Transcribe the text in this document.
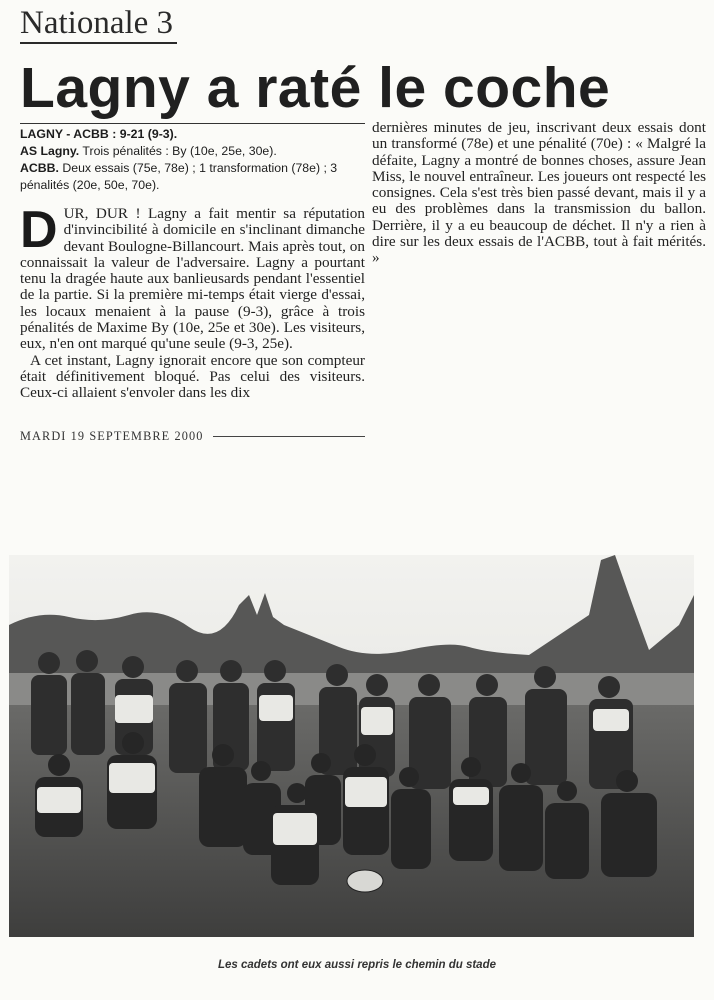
Nationale 3
Lagny a raté le coche

LAGNY - ACBB : 9-21 (9-3).

AS Lagny. Trois pénalités : By (10e, 25e, 30e).

ACBB. Deux essais (75e, 78e) ; 1 transformation (78e) ; 3 pénalités (20e, 50e, 70e).

DUR, DUR ! Lagny a fait mentir sa réputation d'invincibilité à domicile en s'inclinant dimanche devant Boulogne-Billancourt. Mais après tout, on connaissait la valeur de l'adversaire. Lagny a pourtant tenu la dragée haute aux banlieusards pendant l'essentiel de la partie. Si la première mi-temps était vierge d'essai, les locaux menaient à la pause (9-3), grâce à trois pénalités de Maxime By (10e, 25e et 30e). Les visiteurs, eux, n'en ont marqué qu'une seule (9-3, 25e).

A cet instant, Lagny ignorait encore que son compteur était définitivement bloqué. Pas celui des visiteurs. Ceux-ci allaient s'envoler dans les dix

MARDI 19 SEPTEMBRE 2000

dernières minutes de jeu, inscrivant deux essais dont un transformé (78e) et une pénalité (70e) : « Malgré la défaite, Lagny a montré de bonnes choses, assure Jean Miss, le nouvel entraîneur. Les joueurs ont respecté les consignes. Cela s'est très bien passé devant, mais il y a eu des problèmes dans la transmission du ballon. Derrière, il y a eu beaucoup de déchet. Il n'y a rien à dire sur les deux essais de l'ACBB, tout à fait mérités. »

Les cadets ont eux aussi repris le chemin du stade
